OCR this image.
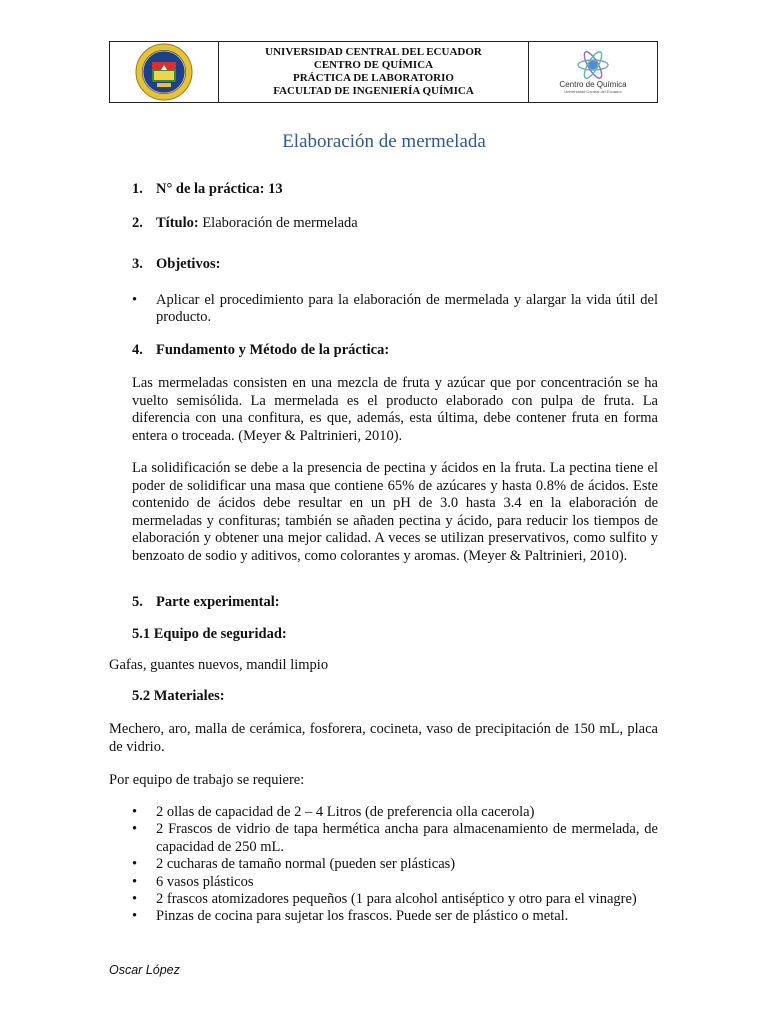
UNIVERSIDAD CENTRAL DEL ECUADOR
CENTRO DE QUÍMICA
PRÁCTICA DE LABORATORIO
FACULTAD DE INGENIERÍA QUÍMICA
Centro de Química
Universidad Central del Ecuador
Elaboración de mermelada
1. N° de la práctica: 13
2. Título: Elaboración de mermelada
3. Objetivos:
• Aplicar el procedimiento para la elaboración de mermelada y alargar la vida útil del producto.
4. Fundamento y Método de la práctica:
Las mermeladas consisten en una mezcla de fruta y azúcar que por concentración se ha vuelto semisólida. La mermelada es el producto elaborado con pulpa de fruta. La diferencia con una confitura, es que, además, esta última, debe contener fruta en forma entera o troceada. (Meyer & Paltrinieri, 2010).
La solidificación se debe a la presencia de pectina y ácidos en la fruta. La pectina tiene el poder de solidificar una masa que contiene 65% de azúcares y hasta 0.8% de ácidos. Este contenido de ácidos debe resultar en un pH de 3.0 hasta 3.4 en la elaboración de mermeladas y confituras; también se añaden pectina y ácido, para reducir los tiempos de elaboración y obtener una mejor calidad. A veces se utilizan preservativos, como sulfito y benzoato de sodio y aditivos, como colorantes y aromas. (Meyer & Paltrinieri, 2010).
5. Parte experimental:
5.1 Equipo de seguridad:
Gafas, guantes nuevos, mandil limpio
5.2 Materiales:
Mechero, aro, malla de cerámica, fosforera, cocineta, vaso de precipitación de 150 mL, placa de vidrio.
Por equipo de trabajo se requiere:
• 2 ollas de capacidad de 2 – 4 Litros (de preferencia olla cacerola)
• 2 Frascos de vidrio de tapa hermética ancha para almacenamiento de mermelada, de capacidad de 250 mL.
• 2 cucharas de tamaño normal (pueden ser plásticas)
• 6 vasos plásticos
• 2 frascos atomizadores pequeños (1 para alcohol antiséptico y otro para el vinagre)
• Pinzas de cocina para sujetar los frascos. Puede ser de plástico o metal.
Oscar López
